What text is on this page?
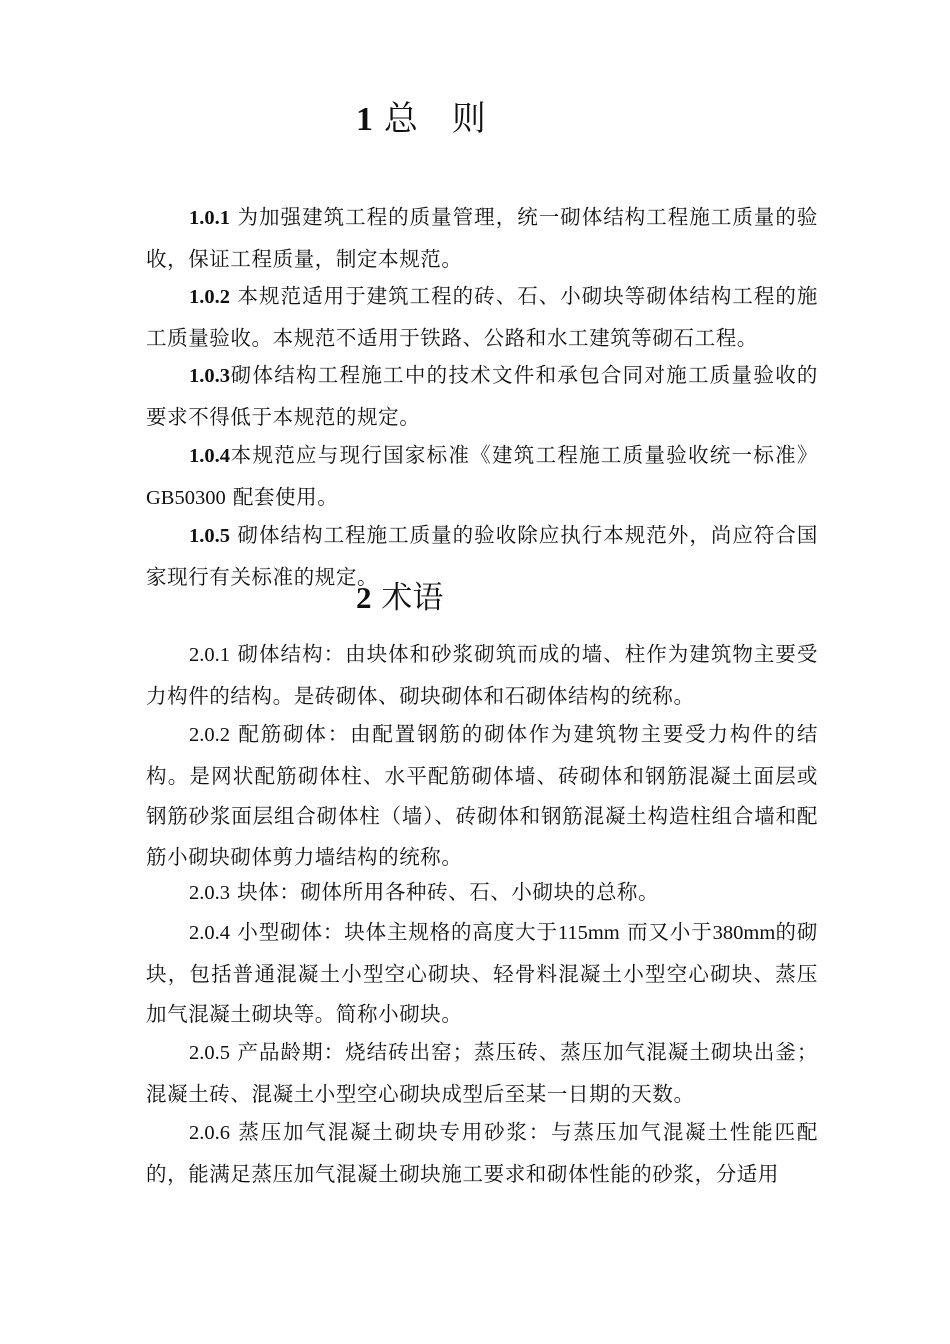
1 总　则

1.0.1 为加强建筑工程的质量管理，统一砌体结构工程施工质量的验收，保证工程质量，制定本规范。

1.0.2 本规范适用于建筑工程的砖、石、小砌块等砌体结构工程的施工质量验收。本规范不适用于铁路、公路和水工建筑等砌石工程。

1.0.3砌体结构工程施工中的技术文件和承包合同对施工质量验收的要求不得低于本规范的规定。

1.0.4本规范应与现行国家标准《建筑工程施工质量验收统一标准》GB50300 配套使用。

1.0.5 砌体结构工程施工质量的验收除应执行本规范外，尚应符合国家现行有关标准的规定。

2 术语

2.0.1 砌体结构：由块体和砂浆砌筑而成的墙、柱作为建筑物主要受力构件的结构。是砖砌体、砌块砌体和石砌体结构的统称。

2.0.2 配筋砌体：由配置钢筋的砌体作为建筑物主要受力构件的结构。是网状配筋砌体柱、水平配筋砌体墙、砖砌体和钢筋混凝土面层或钢筋砂浆面层组合砌体柱（墙）、砖砌体和钢筋混凝土构造柱组合墙和配筋小砌块砌体剪力墙结构的统称。

2.0.3 块体：砌体所用各种砖、石、小砌块的总称。

2.0.4 小型砌体：块体主规格的高度大于115mm 而又小于380mm的砌块，包括普通混凝土小型空心砌块、轻骨料混凝土小型空心砌块、蒸压加气混凝土砌块等。简称小砌块。

2.0.5 产品龄期：烧结砖出窑；蒸压砖、蒸压加气混凝土砌块出釜；混凝土砖、混凝土小型空心砌块成型后至某一日期的天数。

2.0.6 蒸压加气混凝土砌块专用砂浆：与蒸压加气混凝土性能匹配的，能满足蒸压加气混凝土砌块施工要求和砌体性能的砂浆，分适用
